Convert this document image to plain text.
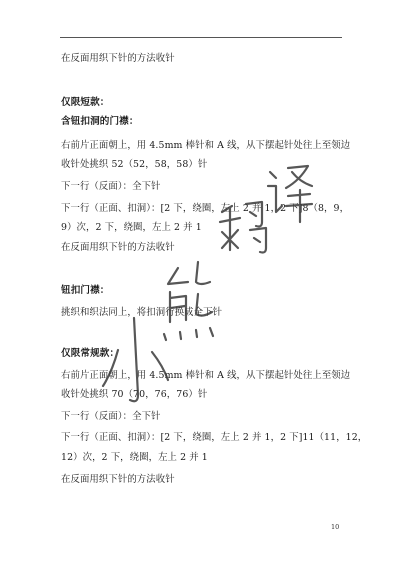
在反面用织下针的方法收针
仅限短款：
含钮扣洞的门襟：
右前片正面朝上，用 4.5mm 棒针和 A 线，从下摆起针处往上至领边
收针处挑织 52（52，58，58）针
下一行（反面）：全下针
下一行（正面、扣洞）：[2 下，绕圈，左上 2 并 1，2 下]8（8，9，
9）次，2 下，绕圈，左上 2 并 1
在反面用织下针的方法收针
钮扣门襟：
挑织和织法同上，将扣洞行换成全下针
仅限常规款：
右前片正面朝上，用 4.5mm 棒针和 A 线，从下摆起针处往上至领边
收针处挑织 70（70，76，76）针
下一行（反面）：全下针
下一行（正面、扣洞）：[2 下，绕圈，左上 2 并 1，2 下]11（11，12，
12）次，2 下，绕圈，左上 2 并 1
在反面用织下针的方法收针
10
